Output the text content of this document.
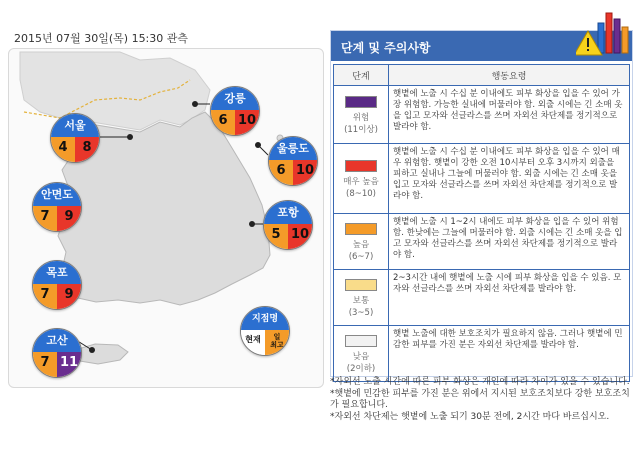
2015년 07월 30일(목) 15:30 관측
서울
4	8
강릉
6 10
울릉도
6 10
안면도
7	9	포항
5 10
목포
7	9
고산
7 11
지점명
현재	일
최고
단계 및 주의사항
단계	행동요령

위험
(11이상)	햇볕에 노출 시 수십 분 이내에도 피부 화상을 입을 수 있어 가장 위험함. 가능한 실내에 머물러야 함. 외출 시에는 긴 소매 옷을 입고 모자와 선글라스를 쓰며 자외선 차단제를 정기적으로 발라야 함.

매우 높음
(8~10)	햇볕에 노출 시 수십 분 이내에도 피부 화상을 입을 수 있어 매우 위험함. 햇볕이 강한 오전 10시부터 오후 3시까지 외출을 피하고 실내나 그늘에 머물러야 함. 외출 시에는 긴 소매 옷을 입고 모자와 선글라스를 쓰며 자외선 차단제를 정기적으로 발라야 함.

높음
(6~7)	햇볕에 노출 시 1~2시 내에도 피부 화상을 입을 수 있어 위험함. 한낮에는 그늘에 머물러야 함. 외출 시에는 긴 소매 옷을 입고 모자와 선글라스를 쓰며 자외선 차단제를 정기적으로 발라야 함.

보통
(3~5)	2~3시간 내에 햇볕에 노출 시에 피부 화상을 입을 수 있음. 모자와 선글라스를 쓰며 자외선 차단제를 발라야 함.

낮음
(2이하)	햇볕 노출에 대한 보호조치가 필요하지 않음. 그러나 햇볕에 민감한 피부를 가진 분은 자외선 차단제를 발라야 함.
*자외선 노출 시간에 따른 피부 화상은 개인에 따라 차이가 있을 수 있습니다.
*햇볕에 민감한 피부를 가진 분은 위에서 지시된 보호조치보다 강한 보호조치가 필요합니다.
*자외선 차단제는 햇볕에 노출 되기 30분 전에, 2시간 마다 바르십시오.
